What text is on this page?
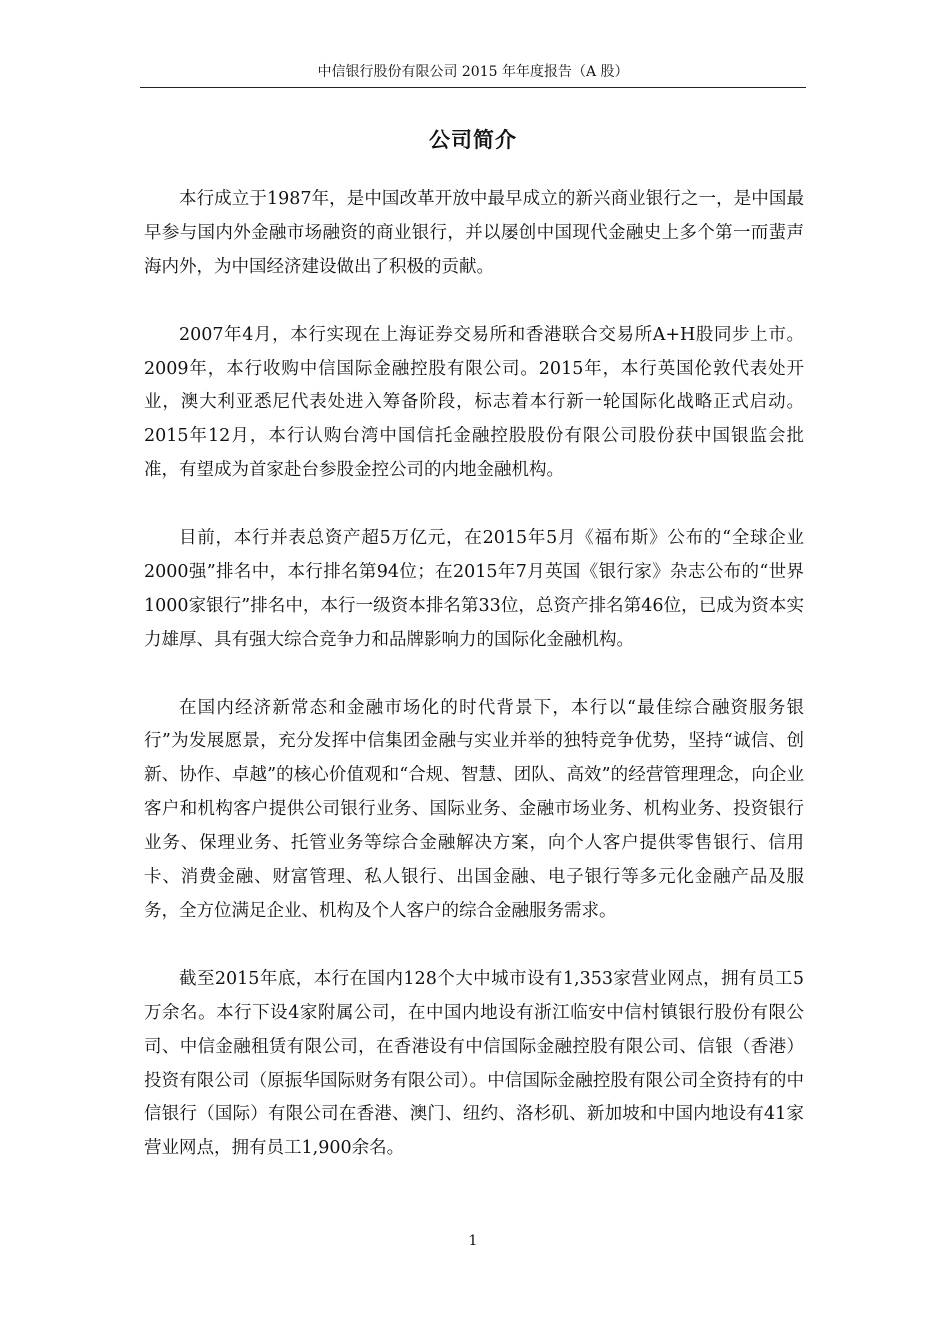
中信银行股份有限公司 2015 年年度报告（A 股）
公司简介

本行成立于1987年，是中国改革开放中最早成立的新兴商业银行之一，是中国最早参与国内外金融市场融资的商业银行，并以屡创中国现代金融史上多个第一而蜚声海内外，为中国经济建设做出了积极的贡献。

2007年4月，本行实现在上海证券交易所和香港联合交易所A+H股同步上市。2009年，本行收购中信国际金融控股有限公司。2015年，本行英国伦敦代表处开业，澳大利亚悉尼代表处进入筹备阶段，标志着本行新一轮国际化战略正式启动。2015年12月，本行认购台湾中国信托金融控股股份有限公司股份获中国银监会批准，有望成为首家赴台参股金控公司的内地金融机构。

目前，本行并表总资产超5万亿元，在2015年5月《福布斯》公布的“全球企业2000强”排名中，本行排名第94位；在2015年7月英国《银行家》杂志公布的“世界1000家银行”排名中，本行一级资本排名第33位，总资产排名第46位，已成为资本实力雄厚、具有强大综合竞争力和品牌影响力的国际化金融机构。

在国内经济新常态和金融市场化的时代背景下，本行以“最佳综合融资服务银行”为发展愿景，充分发挥中信集团金融与实业并举的独特竞争优势，坚持“诚信、创新、协作、卓越”的核心价值观和“合规、智慧、团队、高效”的经营管理理念，向企业客户和机构客户提供公司银行业务、国际业务、金融市场业务、机构业务、投资银行业务、保理业务、托管业务等综合金融解决方案，向个人客户提供零售银行、信用卡、消费金融、财富管理、私人银行、出国金融、电子银行等多元化金融产品及服务，全方位满足企业、机构及个人客户的综合金融服务需求。

截至2015年底，本行在国内128个大中城市设有1,353家营业网点，拥有员工5万余名。本行下设4家附属公司，在中国内地设有浙江临安中信村镇银行股份有限公司、中信金融租赁有限公司，在香港设有中信国际金融控股有限公司、信银（香港）投资有限公司（原振华国际财务有限公司）。中信国际金融控股有限公司全资持有的中信银行（国际）有限公司在香港、澳门、纽约、洛杉矶、新加坡和中国内地设有41家营业网点，拥有员工1,900余名。

1
